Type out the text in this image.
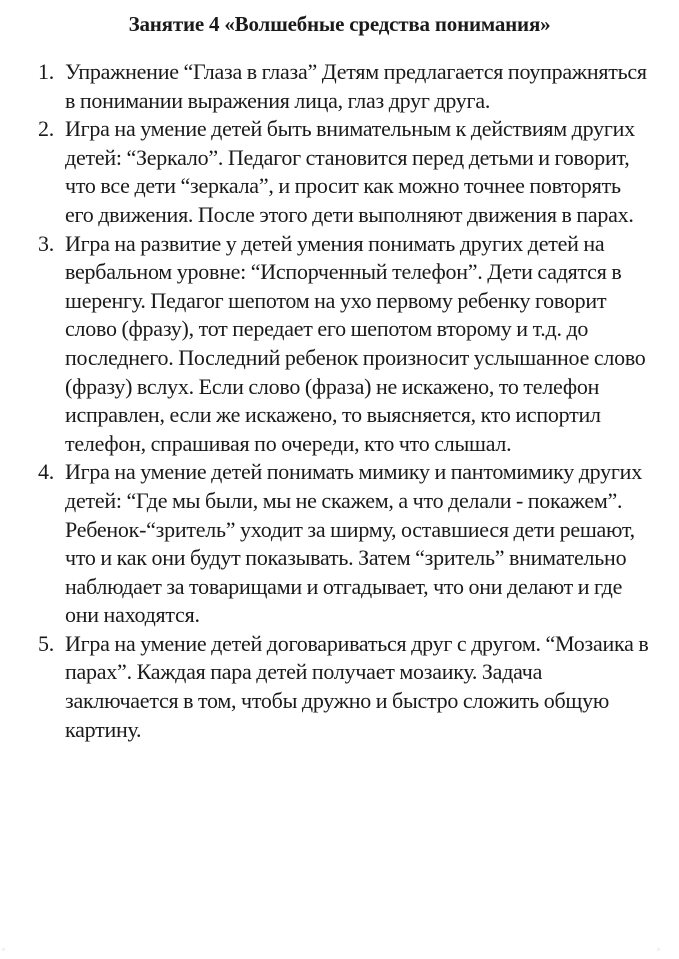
Занятие 4 «Волшебные средства понимания»
1. Упражнение “Глаза в глаза” Детям предлагается поупражняться в понимании выражения лица, глаз друг друга.
2. Игра на умение детей быть внимательным к действиям других детей: “Зеркало”. Педагог становится перед детьми и говорит, что все дети “зеркала”, и просит как можно точнее повторять его движения. После этого дети выполняют движения в парах.
3. Игра на развитие у детей умения понимать других детей на вербальном уровне: “Испорченный телефон”. Дети садятся в шеренгу. Педагог шепотом на ухо первому ребенку говорит слово (фразу), тот передает его шепотом второму и т.д. до последнего. Последний ребенок произносит услышанное слово (фразу) вслух. Если слово (фраза) не искажено, то телефон исправлен, если же искажено, то выясняется, кто испортил телефон, спрашивая по очереди, кто что слышал.
4. Игра на умение детей понимать мимику и пантомимику других детей: “Где мы были, мы не скажем, а что делали - покажем”. Ребенок-“зритель” уходит за ширму, оставшиеся дети решают, что и как они будут показывать. Затем “зритель” внимательно наблюдает за товарищами и отгадывает, что они делают и где они находятся.
5. Игра на умение детей договариваться друг с другом. “Мозаика в парах”. Каждая пара детей получает мозаику. Задача заключается в том, чтобы дружно и быстро сложить общую картину.
▫	▫
